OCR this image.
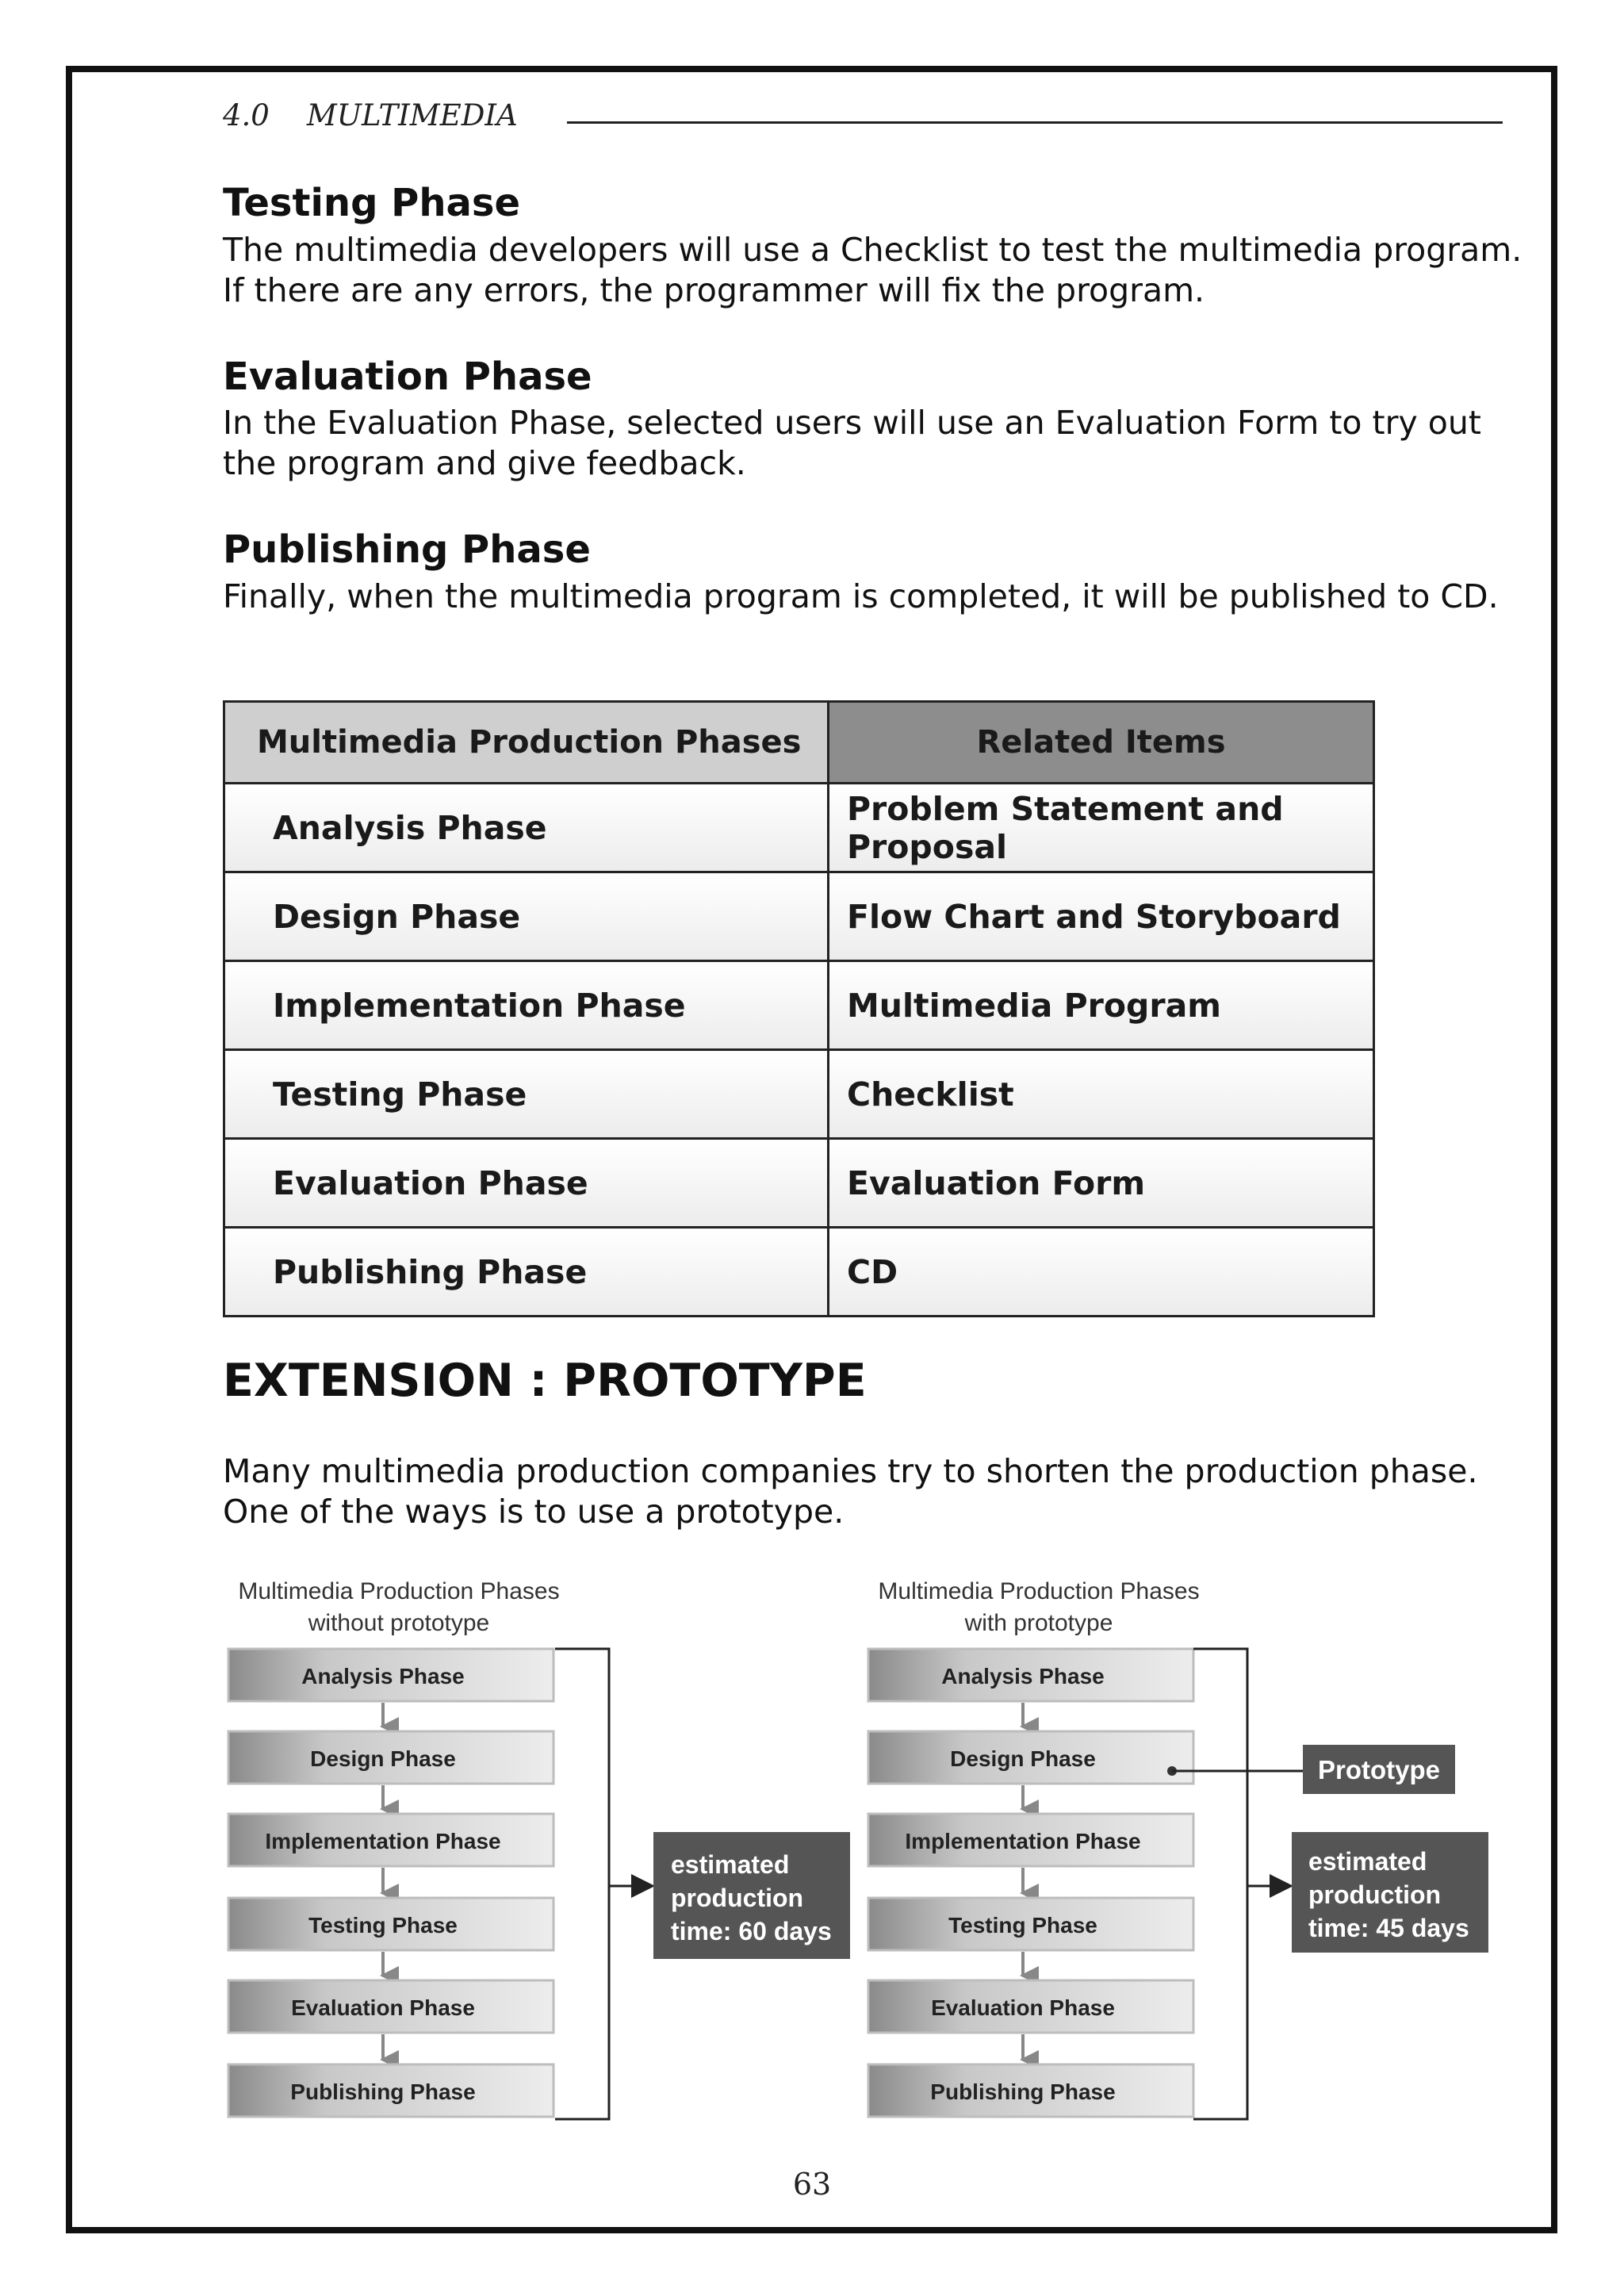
4.0    MULTIMEDIA
Testing Phase

The multimedia developers will use a Checklist to test the multimedia program. If there are any errors, the programmer will fix the program.

Evaluation Phase

In the Evaluation Phase, selected users will use an Evaluation Form to try out the program and give feedback.

Publishing Phase

Finally, when the multimedia program is completed, it will be published to CD.

Multimedia Production Phases	Related Items
Analysis Phase	Problem Statement and Proposal
Design Phase	Flow Chart and Storyboard
Implementation Phase	Multimedia Program
Testing Phase	Checklist
Evaluation Phase	Evaluation Form
Publishing Phase	CD
EXTENSION : PROTOTYPE

Many multimedia production companies try to shorten the production phase. One of the ways is to use a prototype.

Multimedia Production Phases
without prototype
Analysis Phase
Design Phase
Implementation Phase
Testing Phase
Evaluation Phase
Publishing Phase
estimated
production
time: 60 days
Multimedia Production Phases
with prototype
Analysis Phase
Design Phase
Implementation Phase
Testing Phase
Evaluation Phase
Publishing Phase
estimated
production
time: 45 days
Prototype
63
